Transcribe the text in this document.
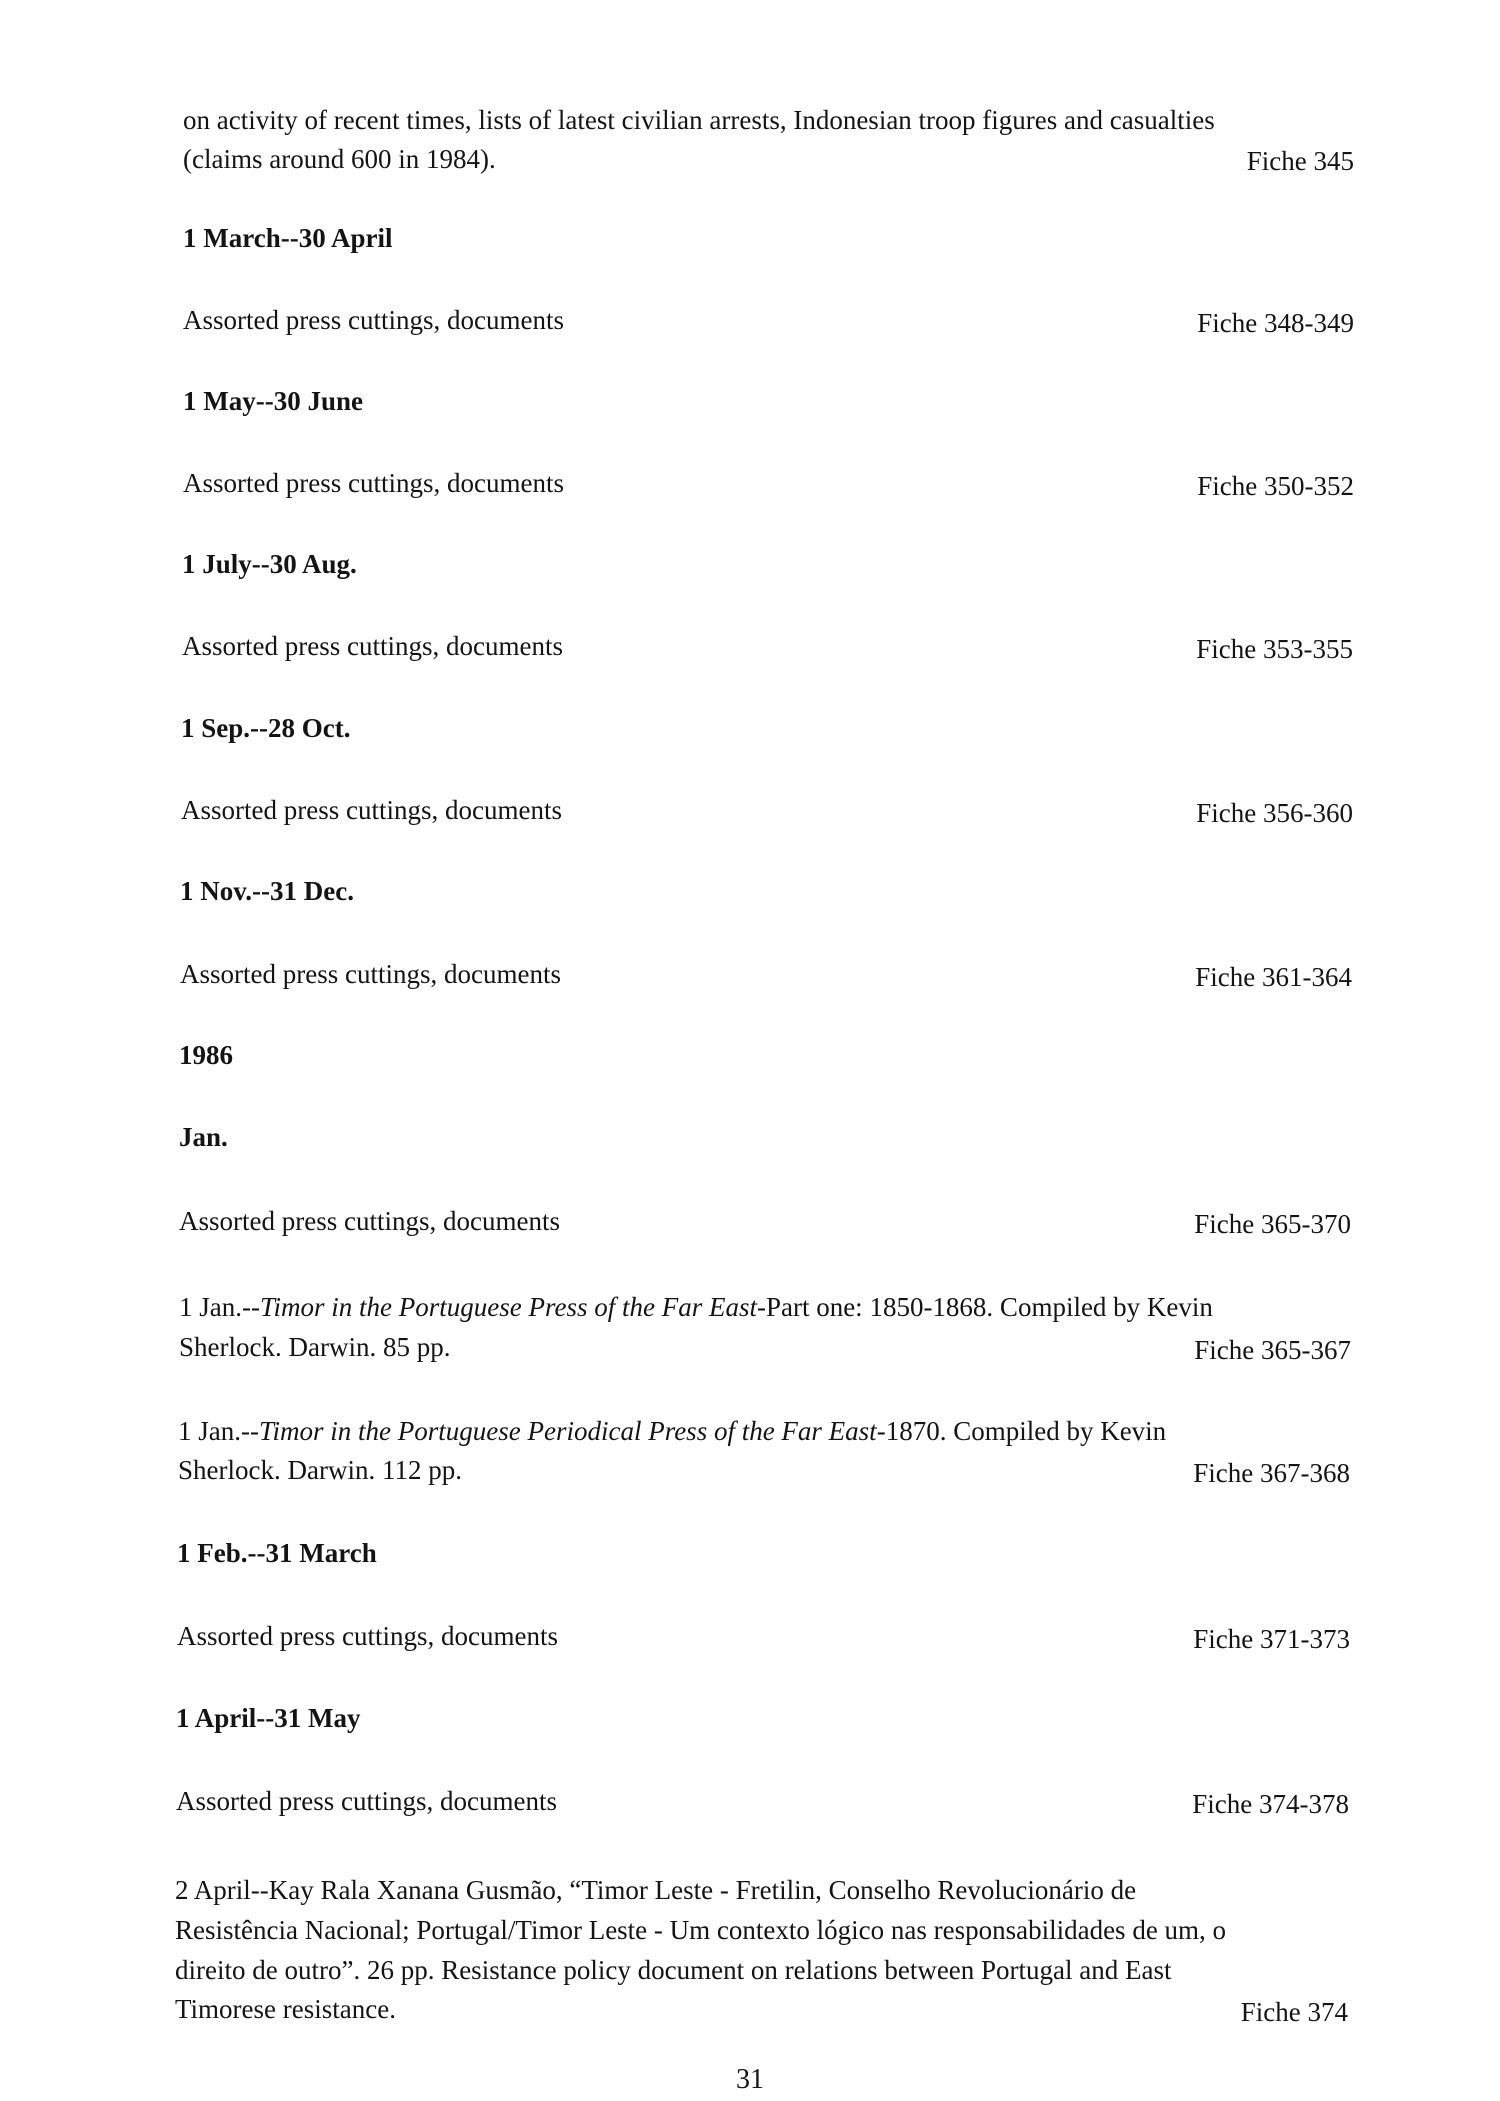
on activity of recent times, lists of latest civilian arrests, Indonesian troop figures and casualties
(claims around 600 in 1984).	Fiche 345
1 March--30 April
Assorted press cuttings, documents	Fiche 348-349
1 May--30 June
Assorted press cuttings, documents	Fiche 350-352
1 July--30 Aug.
Assorted press cuttings, documents	Fiche 353-355
1 Sep.--28 Oct.
Assorted press cuttings, documents	Fiche 356-360
1 Nov.--31 Dec.
Assorted press cuttings, documents	Fiche 361-364
1986
Jan.
Assorted press cuttings, documents	Fiche 365-370
1 Jan.--Timor in the Portuguese Press of the Far East-Part one: 1850-1868. Compiled by Kevin
Sherlock. Darwin. 85 pp.	Fiche 365-367
1 Jan.--Timor in the Portuguese Periodical Press of the Far East-1870. Compiled by Kevin
Sherlock. Darwin. 112 pp.	Fiche 367-368
1 Feb.--31 March
Assorted press cuttings, documents	Fiche 371-373
1 April--31 May
Assorted press cuttings, documents	Fiche 374-378
2 April--Kay Rala Xanana Gusmão, “Timor Leste - Fretilin, Conselho Revolucionário de
Resistência Nacional; Portugal/Timor Leste - Um contexto lógico nas responsabilidades de um, o
direito de outro”. 26 pp. Resistance policy document on relations between Portugal and East
Timorese resistance.	Fiche 374
31
